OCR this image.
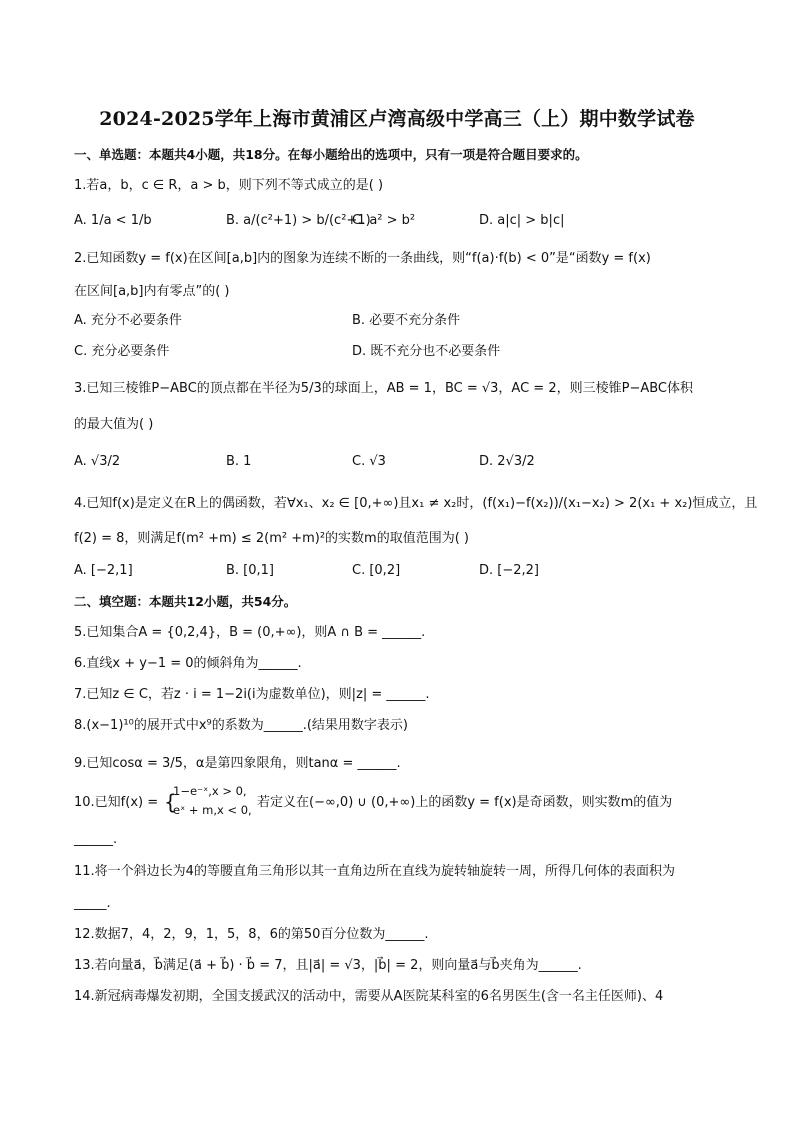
2024-2025学年上海市黄浦区卢湾高级中学高三（上）期中数学试卷
一、单选题：本题共4小题，共18分。在每小题给出的选项中，只有一项是符合题目要求的。
1.若a，b，c ∈ R，a > b，则下列不等式成立的是( )
A. 1/a < 1/b	B. a/(c²+1) > b/(c²+1)
C. a² > b²	D. a|c| > b|c|
2.已知函数y = f(x)在区间[a,b]内的图象为连续不断的一条曲线，则“f(a)·f(b) < 0”是“函数y = f(x)
在区间[a,b]内有零点”的( )
A. 充分不必要条件	B. 必要不充分条件
C. 充分必要条件	D. 既不充分也不必要条件
3.已知三棱锥P−ABC的顶点都在半径为5/3的球面上，AB = 1，BC = √3，AC = 2，则三棱锥P−ABC体积
的最大值为( )
A. √3/2	B. 1	C. √3	D. 2√3/2
4.已知f(x)是定义在R上的偶函数，若∀x₁、x₂ ∈ [0,+∞)且x₁ ≠ x₂时，(f(x₁)−f(x₂))/(x₁−x₂) > 2(x₁ + x₂)恒成立，且
f(2) = 8，则满足f(m² +m) ≤ 2(m² +m)²的实数m的取值范围为( )
A. [−2,1]	B. [0,1]	C. [0,2]	D. [−2,2]
二、填空题：本题共12小题，共54分。
5.已知集合A = {0,2,4}，B = (0,+∞)，则A ∩ B = ______.
6.直线x + y−1 = 0的倾斜角为______.
7.已知z ∈ C，若z · i = 1−2i(i为虚数单位)，则|z| = ______.
8.(x−1)¹⁰的展开式中x⁹的系数为______.(结果用数字表示)
9.已知cosα = 3/5，α是第四象限角，则tanα = ______.
10.已知f(x) = {
1−e⁻ˣ,x > 0,
eˣ + m,x < 0, 若定义在(−∞,0) ∪ (0,+∞)上的函数y = f(x)是奇函数，则实数m的值为
______.
11.将一个斜边长为4的等腰直角三角形以其一直角边所在直线为旋转轴旋转一周，所得几何体的表面积为
_____.
12.数据7，4，2，9，1，5，8，6的第50百分位数为______.
13.若向量a⃗，b⃗满足(a⃗ + b⃗) · b⃗ = 7，且|a⃗| = √3，|b⃗| = 2，则向量a⃗与b⃗夹角为______.
14.新冠病毒爆发初期，全国支援武汉的活动中，需要从A医院某科室的6名男医生(含一名主任医师)、4
